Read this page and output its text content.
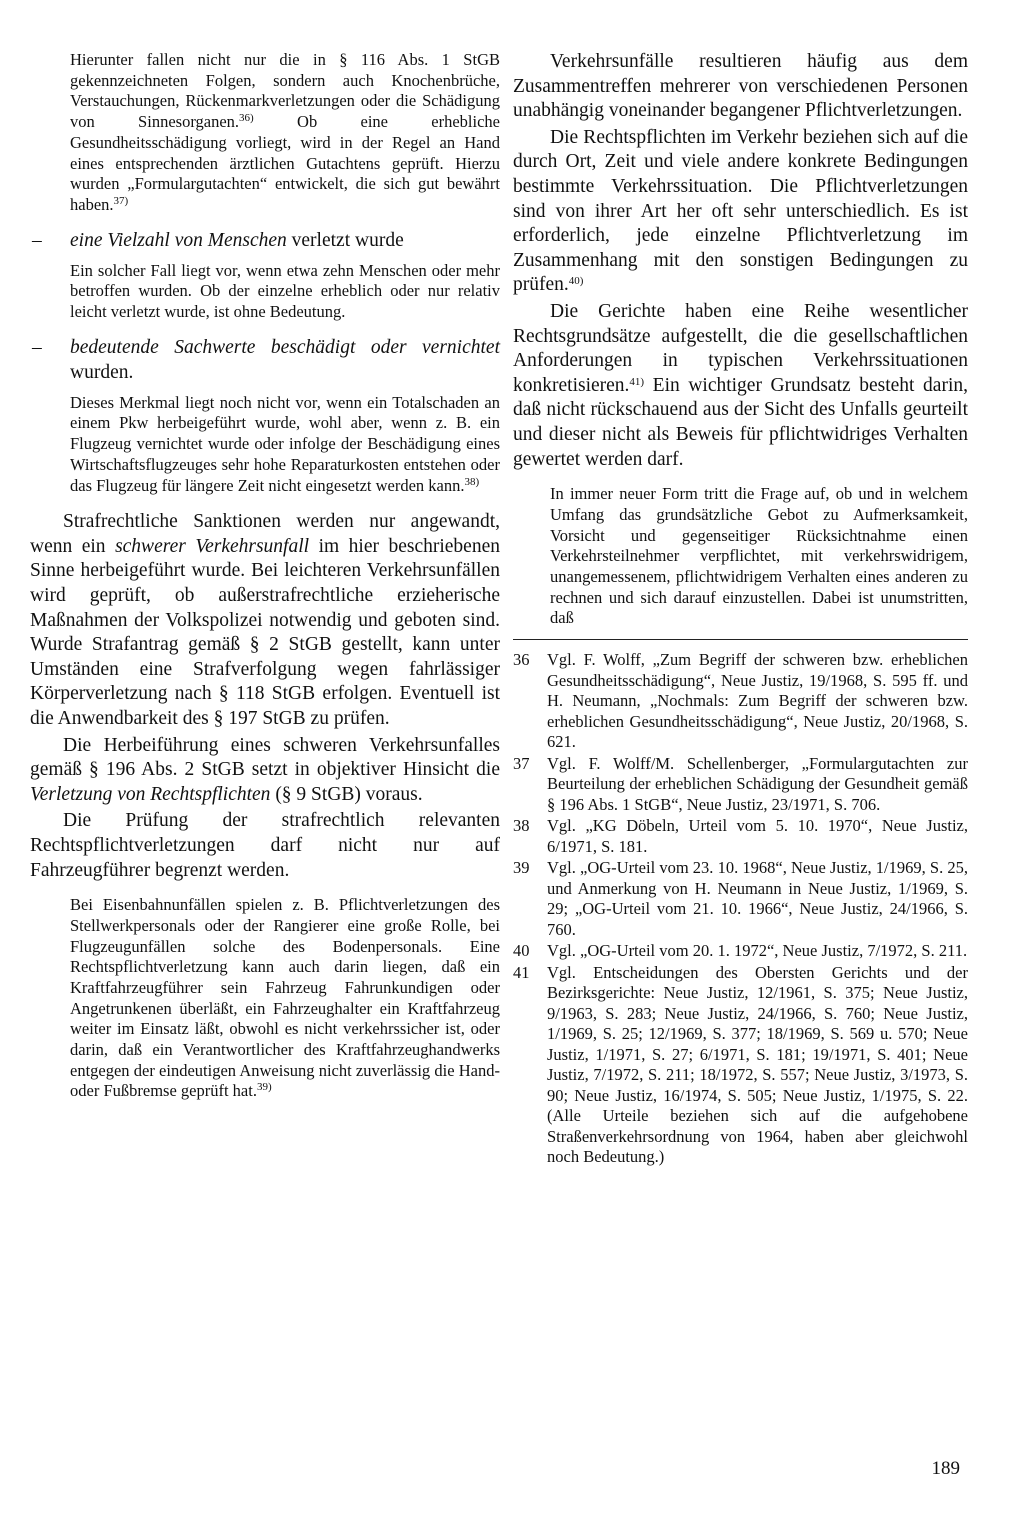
Hierunter fallen nicht nur die in § 116 Abs. 1 StGB gekennzeichneten Folgen, sondern auch Knochenbrüche, Verstauchungen, Rückenmarkverletzungen oder die Schädigung von Sinnesorganen.$^{36)}$ Ob eine erhebliche Gesundheitsschädigung vorliegt, wird in der Regel an Hand eines entsprechenden ärztlichen Gutachtens geprüft. Hierzu wurden „Formulargutachten“ entwickelt, die sich gut bewährt haben.$^{37)}$

– eine Vielzahl von Menschen verletzt wurde

Ein solcher Fall liegt vor, wenn etwa zehn Menschen oder mehr betroffen wurden. Ob der einzelne erheblich oder nur relativ leicht verletzt wurde, ist ohne Bedeutung.

– bedeutende Sachwerte beschädigt oder vernichtet wurden.

Dieses Merkmal liegt noch nicht vor, wenn ein Totalschaden an einem Pkw herbeigeführt wurde, wohl aber, wenn z. B. ein Flugzeug vernichtet wurde oder infolge der Beschädigung eines Wirtschaftsflugzeuges sehr hohe Reparaturkosten entstehen oder das Flugzeug für längere Zeit nicht eingesetzt werden kann.$^{38)}$

Strafrechtliche Sanktionen werden nur angewandt, wenn ein schwerer Verkehrsunfall im hier beschriebenen Sinne herbeigeführt wurde. Bei leichteren Verkehrsunfällen wird geprüft, ob außerstrafrechtliche erzieherische Maßnahmen der Volkspolizei notwendig und geboten sind. Wurde Strafantrag gemäß § 2 StGB gestellt, kann unter Umständen eine Strafverfolgung wegen fahrlässiger Körperverletzung nach § 118 StGB erfolgen. Eventuell ist die Anwendbarkeit des § 197 StGB zu prüfen.

Die Herbeiführung eines schweren Verkehrsunfalles gemäß § 196 Abs. 2 StGB setzt in objektiver Hinsicht die Verletzung von Rechtspflichten (§ 9 StGB) voraus.

Die Prüfung der strafrechtlich relevanten Rechtspflichtverletzungen darf nicht nur auf Fahrzeugführer begrenzt werden.

Bei Eisenbahnunfällen spielen z. B. Pflichtverletzungen des Stellwerkpersonals oder der Rangierer eine große Rolle, bei Flugzeugunfällen solche des Bodenpersonals. Eine Rechtspflichtverletzung kann auch darin liegen, daß ein Kraftfahrzeugführer sein Fahrzeug Fahrunkundigen oder Angetrunkenen überläßt, ein Fahrzeughalter ein Kraftfahrzeug weiter im Einsatz läßt, obwohl es nicht verkehrssicher ist, oder darin, daß ein Verantwortlicher des Kraftfahrzeughandwerks entgegen der eindeutigen Anweisung nicht zuverlässig die Hand- oder Fußbremse geprüft hat.$^{39)}$

Verkehrsunfälle resultieren häufig aus dem Zusammentreffen mehrerer von verschiedenen Personen unabhängig voneinander begangener Pflichtverletzungen.

Die Rechtspflichten im Verkehr beziehen sich auf die durch Ort, Zeit und viele andere konkrete Bedingungen bestimmte Verkehrssituation. Die Pflichtverletzungen sind von ihrer Art her oft sehr unterschiedlich. Es ist erforderlich, jede einzelne Pflichtverletzung im Zusammenhang mit den sonstigen Bedingungen zu prüfen.$^{40)}$

Die Gerichte haben eine Reihe wesentlicher Rechtsgrundsätze aufgestellt, die die gesellschaftlichen Anforderungen in typischen Verkehrssituationen konkretisieren.$^{41)}$ Ein wichtiger Grundsatz besteht darin, daß nicht rückschauend aus der Sicht des Unfalls geurteilt und dieser nicht als Beweis für pflichtwidriges Verhalten gewertet werden darf.

In immer neuer Form tritt die Frage auf, ob und in welchem Umfang das grundsätzliche Gebot zu Aufmerksamkeit, Vorsicht und gegenseitiger Rücksichtnahme einen Verkehrsteilnehmer verpflichtet, mit verkehrswidrigem, unangemessenem, pflichtwidrigem Verhalten eines anderen zu rechnen und sich darauf einzustellen. Dabei ist unumstritten, daß

36	Vgl. F. Wolff, „Zum Begriff der schweren bzw. erheblichen Gesundheitsschädigung“, Neue Justiz, 19/1968, S. 595 ff. und H. Neumann, „Nochmals: Zum Begriff der schweren bzw. erheblichen Gesundheitsschädigung“, Neue Justiz, 20/1968, S. 621.
37	Vgl. F. Wolff/M. Schellenberger, „Formulargutachten zur Beurteilung der erheblichen Schädigung der Gesundheit gemäß § 196 Abs. 1 StGB“, Neue Justiz, 23/1971, S. 706.
38	Vgl. „KG Döbeln, Urteil vom 5. 10. 1970“, Neue Justiz, 6/1971, S. 181.
39	Vgl. „OG-Urteil vom 23. 10. 1968“, Neue Justiz, 1/1969, S. 25, und Anmerkung von H. Neumann in Neue Justiz, 1/1969, S. 29; „OG-Urteil vom 21. 10. 1966“, Neue Justiz, 24/1966, S. 760.
40	Vgl. „OG-Urteil vom 20. 1. 1972“, Neue Justiz, 7/1972, S. 211.
41	Vgl. Entscheidungen des Obersten Gerichts und der Bezirksgerichte: Neue Justiz, 12/1961, S. 375; Neue Justiz, 9/1963, S. 283; Neue Justiz, 24/1966, S. 760; Neue Justiz, 1/1969, S. 25; 12/1969, S. 377; 18/1969, S. 569 u. 570; Neue Justiz, 1/1971, S. 27; 6/1971, S. 181; 19/1971, S. 401; Neue Justiz, 7/1972, S. 211; 18/1972, S. 557; Neue Justiz, 3/1973, S. 90; Neue Justiz, 16/1974, S. 505; Neue Justiz, 1/1975, S. 22. (Alle Urteile beziehen sich auf die aufgehobene Straßenverkehrsordnung von 1964, haben aber gleichwohl noch Bedeutung.)
189
